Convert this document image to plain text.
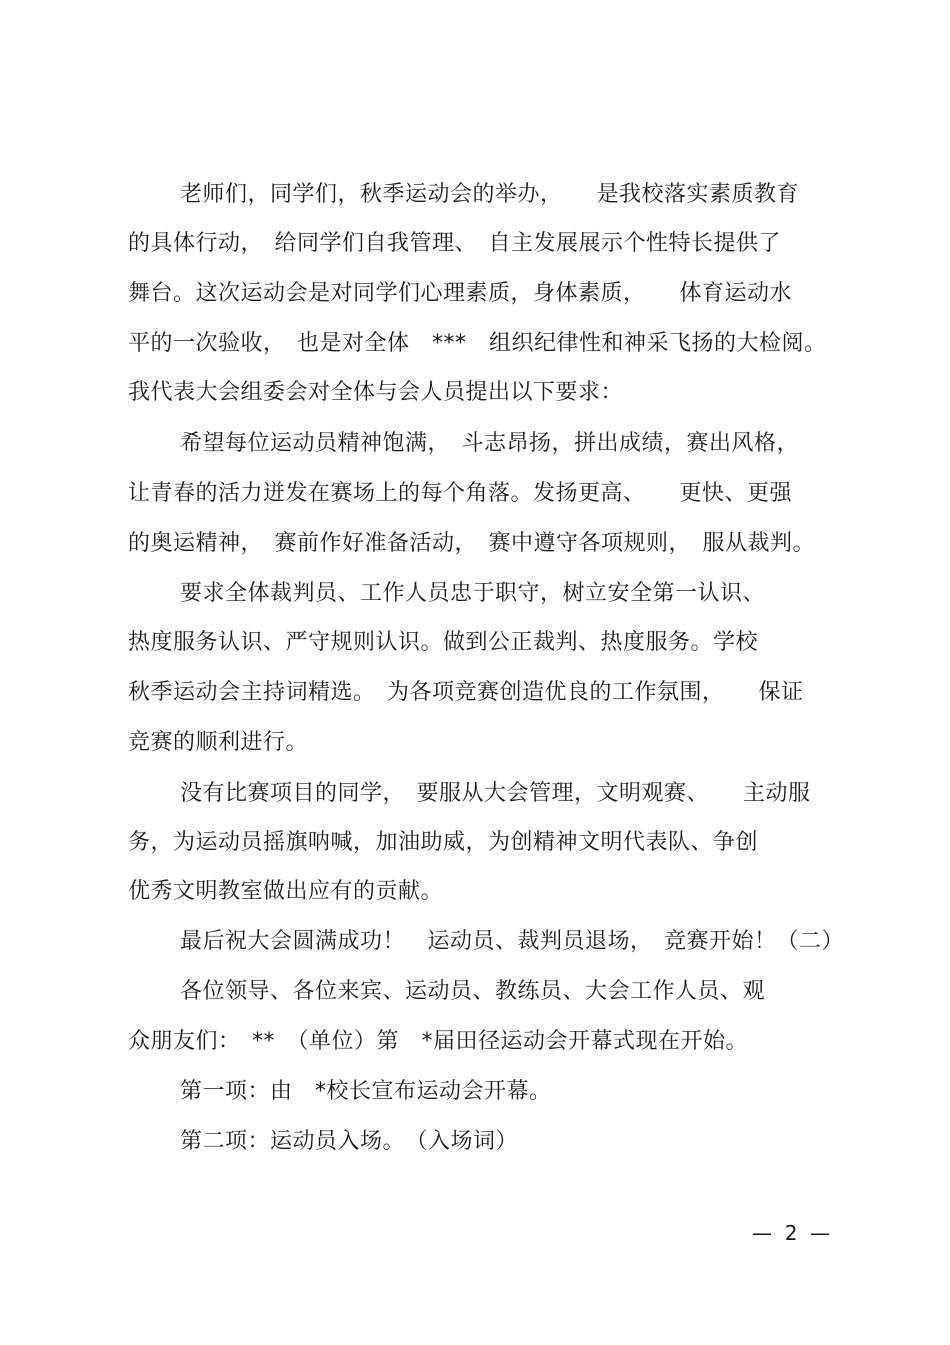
老师们，同学们，秋季运动会的举办，　　是我校落实素质教育
的具体行动，　给同学们自我管理、　自主发展展示个性特长提供了
舞台。这次运动会是对同学们心理素质，身体素质，　　体育运动水
平的一次验收，　也是对全体　***　组织纪律性和神采飞扬的大检阅。
我代表大会组委会对全体与会人员提出以下要求：
希望每位运动员精神饱满，　斗志昂扬，拼出成绩，赛出风格，
让青春的活力迸发在赛场上的每个角落。发扬更高、　　更快、更强
的奥运精神，　赛前作好准备活动，　赛中遵守各项规则，　服从裁判。
要求全体裁判员、工作人员忠于职守，树立安全第一认识、
热度服务认识、严守规则认识。做到公正裁判、热度服务。学校
秋季运动会主持词精选。　为各项竞赛创造优良的工作氛围，　　保证
竞赛的顺利进行。
没有比赛项目的同学，　要服从大会管理，文明观赛、　　主动服
务，为运动员摇旗呐喊，加油助威，为创精神文明代表队、争创
优秀文明教室做出应有的贡献。
最后祝大会圆满成功！　运动员、裁判员退场，　竞赛开始！（二）
各位领导、各位来宾、运动员、教练员、大会工作人员、观
众朋友们：　**　（单位）第　*届田径运动会开幕式现在开始。
第一项：由　*校长宣布运动会开幕。
第二项：运动员入场。　（入场词）
—  2  —
